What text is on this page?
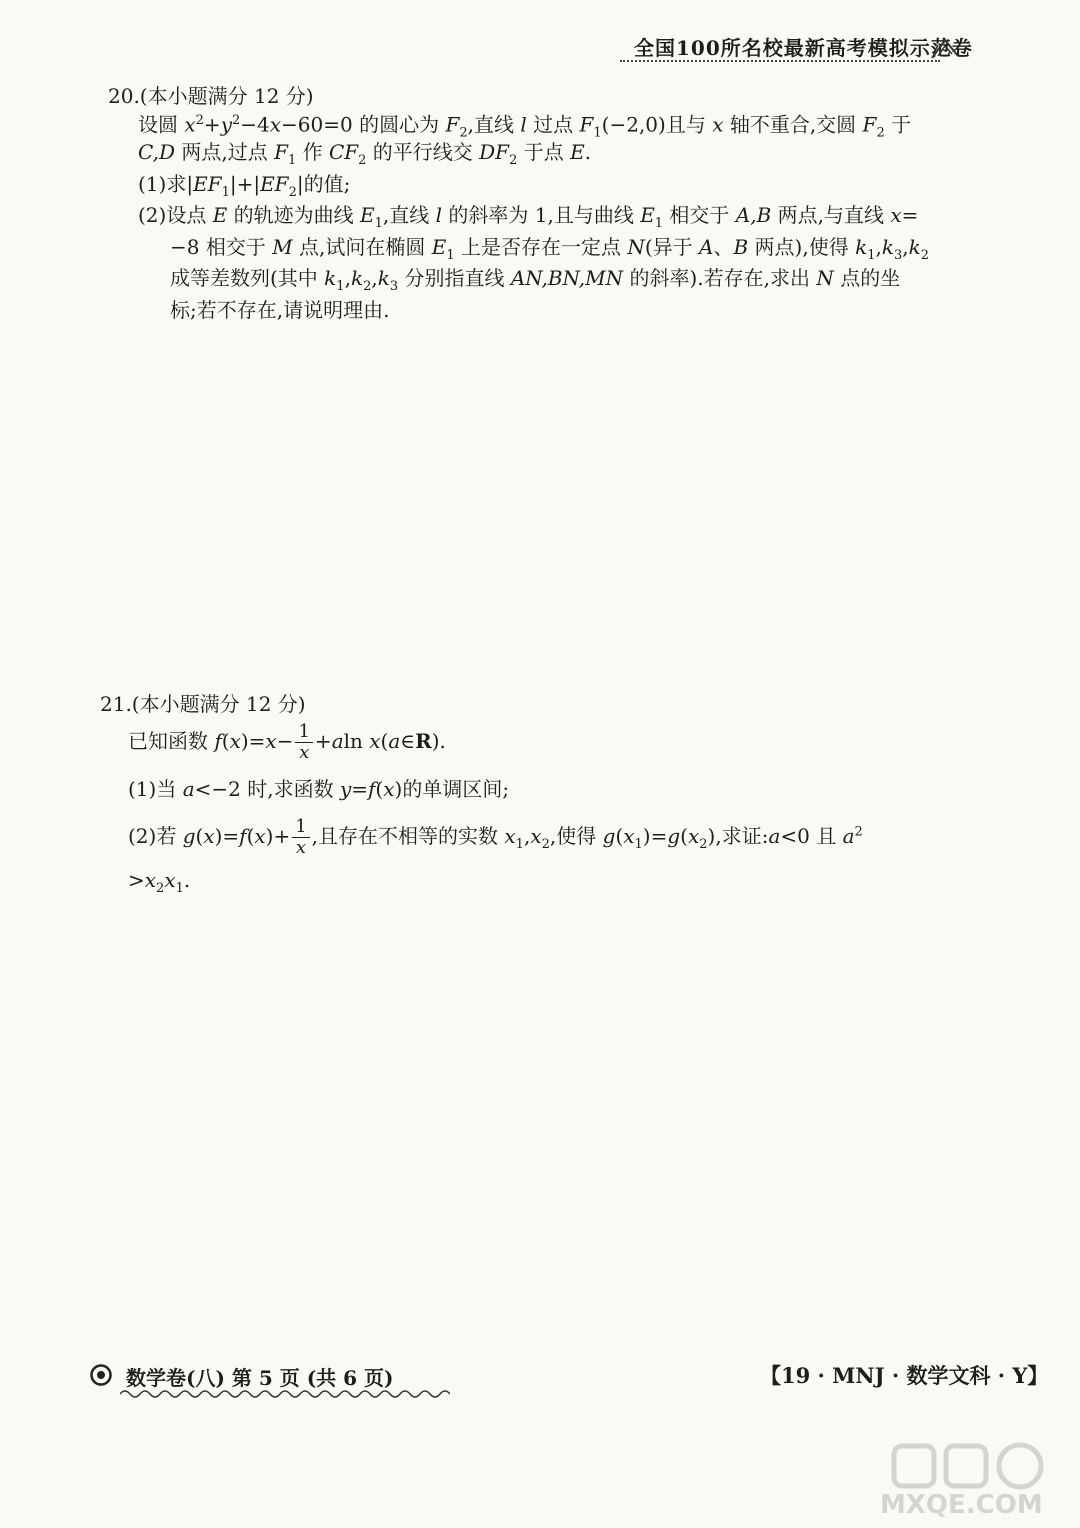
全国100所名校最新高考模拟示范卷
20.(本小题满分 12 分)
设圆 $x^2+y^2-4x-60=0$ 的圆心为 $F_2$,直线 l 过点 $F_1(-2,0)$且与 x 轴不重合,交圆 $F_2$ 于
C,D 两点,过点 $F_1$ 作 $CF_2$ 的平行线交 $DF_2$ 于点 E.
(1)求$|EF_1|+|EF_2|$的值;
(2)设点 E 的轨迹为曲线 $E_1$,直线 l 的斜率为 1,且与曲线 $E_1$ 相交于 A,B 两点,与直线 x=
−8 相交于 M 点,试问在椭圆 $E_1$ 上是否存在一定点 N(异于 A、B 两点),使得 $k_1,k_3,k_2$
成等差数列(其中 $k_1,k_2,k_3$ 分别指直线 AN,BN,MN 的斜率).若存在,求出 N 点的坐
标;若不存在,请说明理由.
21.(本小题满分 12 分)
已知函数 $f(x)=x- \frac{1}{x} +aln$ x(a∈R).
(1)当 a<−2 时,求函数 y=f(x)的单调区间;
(2)若 $g(x)=f(x)+ \frac{1}{x}$ ,且存在不相等的实数 $x_1,x_2$,使得 $g(x_1)=g(x_2)$,求证:a<0 且 $a^2$
$>x_2x_1$.
数学卷(八) 第 5 页 (共 6 页)	【19 · MNJ · 数学文科 · Y】
MXQE.COM
